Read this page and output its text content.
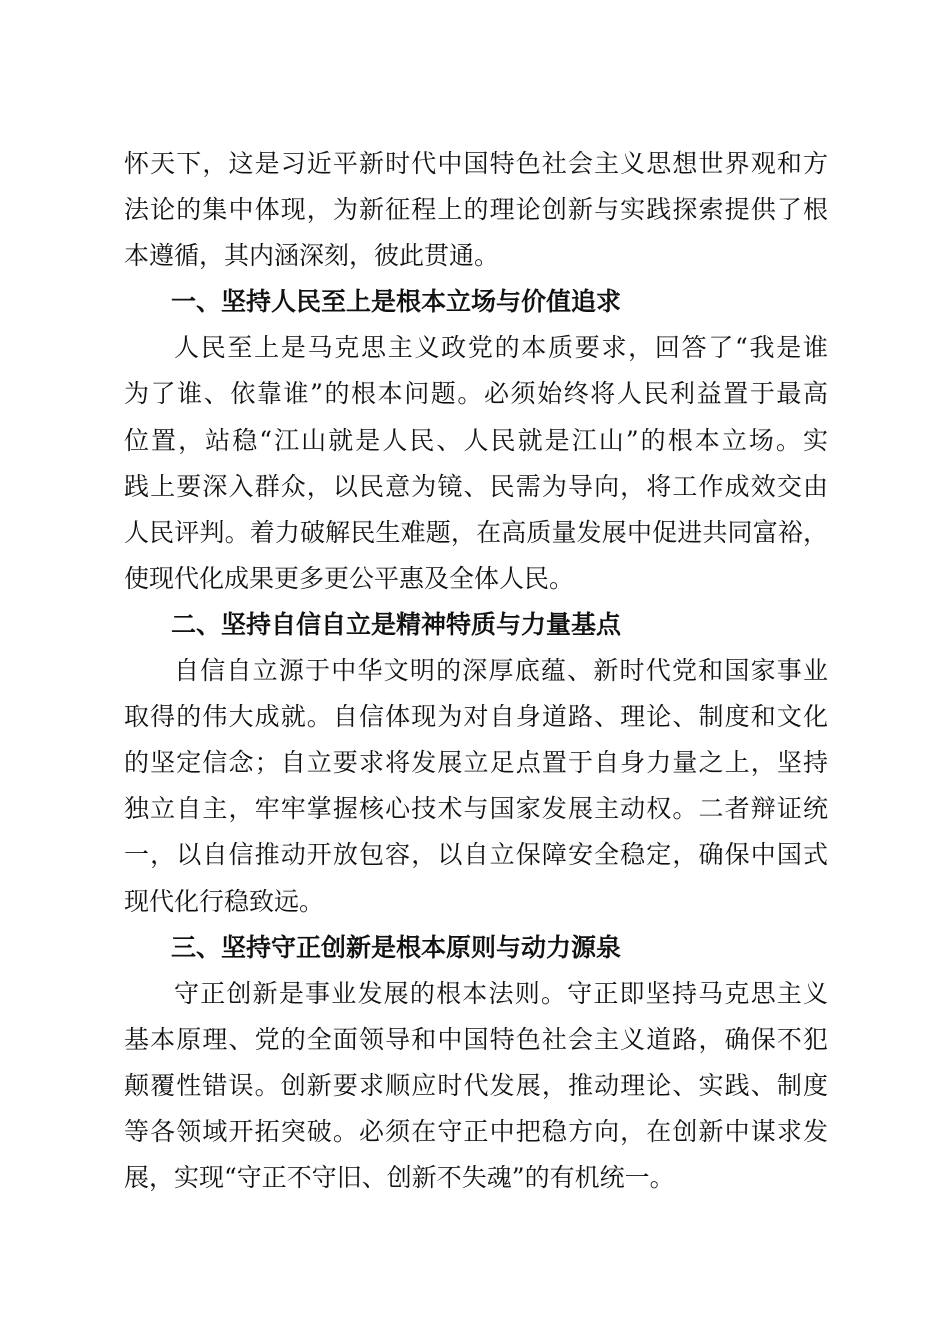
怀天下，这是习近平新时代中国特色社会主义思想世界观和方
法论的集中体现，为新征程上的理论创新与实践探索提供了根
本遵循，其内涵深刻，彼此贯通。
一、坚持人民至上是根本立场与价值追求
人民至上是马克思主义政党的本质要求，回答了“我是谁
为了谁、依靠谁”的根本问题。必须始终将人民利益置于最高
位置，站稳“江山就是人民、人民就是江山”的根本立场。实
践上要深入群众，以民意为镜、民需为导向，将工作成效交由
人民评判。着力破解民生难题，在高质量发展中促进共同富裕，
使现代化成果更多更公平惠及全体人民。
二、坚持自信自立是精神特质与力量基点
自信自立源于中华文明的深厚底蕴、新时代党和国家事业
取得的伟大成就。自信体现为对自身道路、理论、制度和文化
的坚定信念；自立要求将发展立足点置于自身力量之上，坚持
独立自主，牢牢掌握核心技术与国家发展主动权。二者辩证统
一，以自信推动开放包容，以自立保障安全稳定，确保中国式
现代化行稳致远。
三、坚持守正创新是根本原则与动力源泉
守正创新是事业发展的根本法则。守正即坚持马克思主义
基本原理、党的全面领导和中国特色社会主义道路，确保不犯
颠覆性错误。创新要求顺应时代发展，推动理论、实践、制度
等各领域开拓突破。必须在守正中把稳方向，在创新中谋求发
展，实现“守正不守旧、创新不失魂”的有机统一。
